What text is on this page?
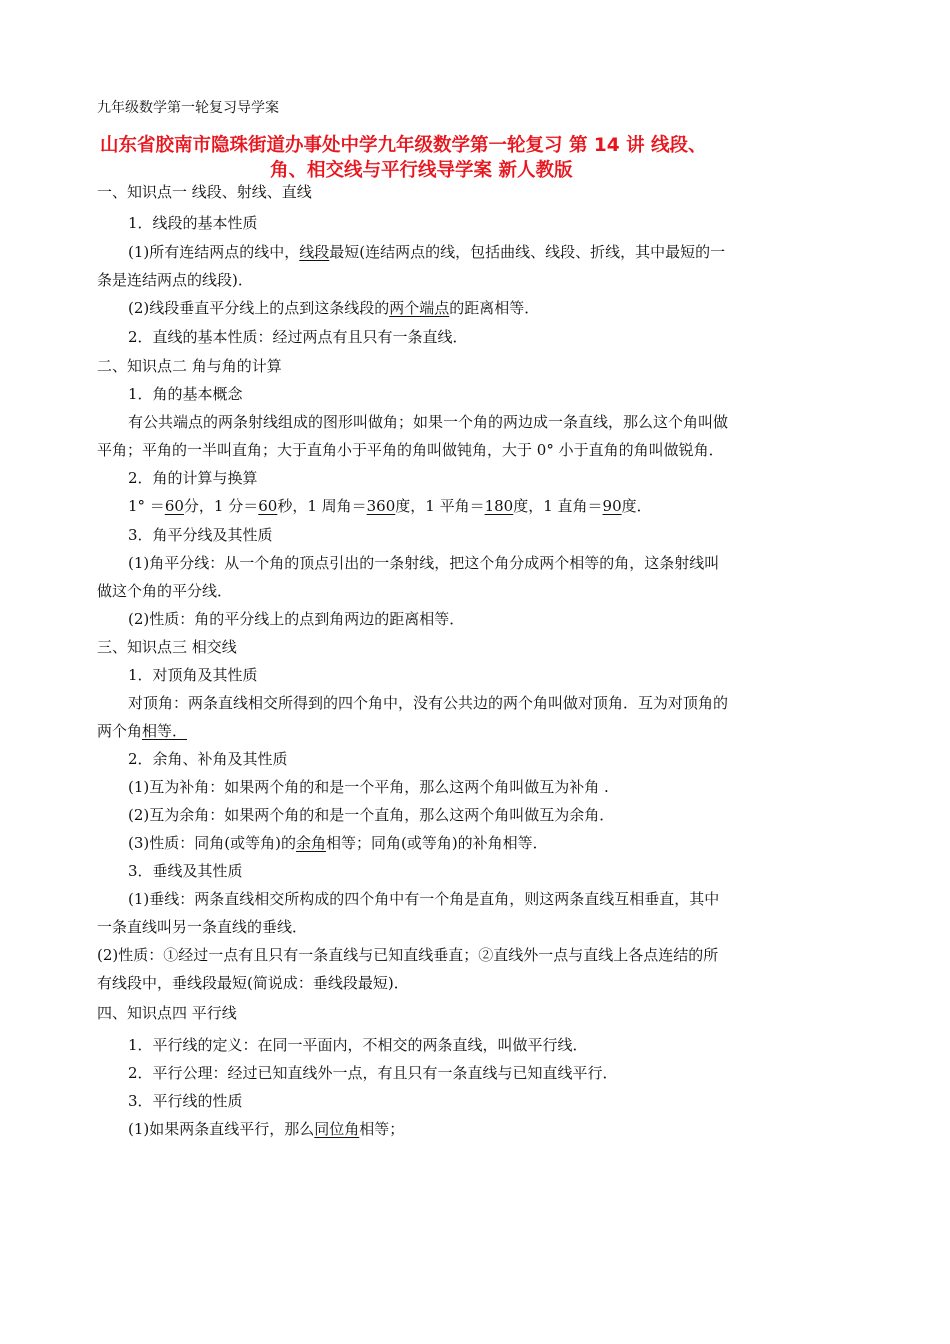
九年级数学第一轮复习导学案
山东省胶南市隐珠街道办事处中学九年级数学第一轮复习 第 14 讲 线段、
角、相交线与平行线导学案 新人教版
一、知识点一 线段、射线、直线
1．线段的基本性质
(1)所有连结两点的线中，线段最短(连结两点的线，包括曲线、线段、折线，其中最短的一
条是连结两点的线段)．
(2)线段垂直平分线上的点到这条线段的两个端点的距离相等．
2．直线的基本性质：经过两点有且只有一条直线．
二、知识点二 角与角的计算
1．角的基本概念
有公共端点的两条射线组成的图形叫做角；如果一个角的两边成一条直线，那么这个角叫做
平角；平角的一半叫直角；大于直角小于平角的角叫做钝角，大于 0° 小于直角的角叫做锐角．
2．角的计算与换算
1° ＝60分，1 分＝60秒，1 周角＝360度，1 平角＝180度，1 直角＝90度．
3．角平分线及其性质
(1)角平分线：从一个角的顶点引出的一条射线，把这个角分成两个相等的角，这条射线叫
做这个角的平分线．
(2)性质：角的平分线上的点到角两边的距离相等．
三、知识点三 相交线
1．对顶角及其性质
对顶角：两条直线相交所得到的四个角中，没有公共边的两个角叫做对顶角．互为对顶角的
两个角相等．
2．余角、补角及其性质
(1)互为补角：如果两个角的和是一个平角，那么这两个角叫做互为补角 .
(2)互为余角：如果两个角的和是一个直角，那么这两个角叫做互为余角．
(3)性质：同角(或等角)的余角相等；同角(或等角)的补角相等．
3．垂线及其性质
(1)垂线：两条直线相交所构成的四个角中有一个角是直角，则这两条直线互相垂直，其中
一条直线叫另一条直线的垂线．
(2)性质：①经过一点有且只有一条直线与已知直线垂直；②直线外一点与直线上各点连结的所
有线段中，垂线段最短(简说成：垂线段最短)．
四、知识点四 平行线
1．平行线的定义：在同一平面内，不相交的两条直线，叫做平行线．
2．平行公理：经过已知直线外一点，有且只有一条直线与已知直线平行．
3．平行线的性质
(1)如果两条直线平行，那么同位角相等；
